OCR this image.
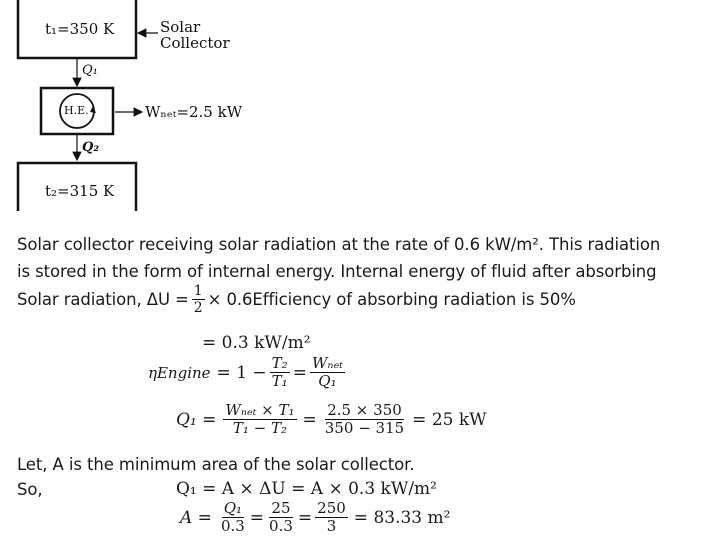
t₁=350 K	Solar
Collector
Q₁
H.E.	Wₙₑₜ=2.5 kW
Q₂
t₂=315 K
Solar collector receiving solar radiation at the rate of 0.6 kW/m². This radiation
is stored in the form of internal energy. Internal energy of fluid after absorbing
Solar radiation, $\Delta U = \frac{1}{2}$ × 0.6Efficiency of absorbing radiation is 50%
= 0.3 kW/m²
ηEngine = $1 - \frac{\text{T₂}}{\text{T₁}} = \frac{\text{Wₙₑₜ}}{\text{Q₁}}$
$Q_1 = \frac{\text{Wₙₑₜ × T₁}}{\text{T₁ − T₂}} = \frac{2.5 \times 350}{350 - 315} = 25$ kW
Let, A is the minimum area of the solar collector.
So,	Q₁ = A × ΔU = A × 0.3 kW/m²
$A = \frac{\text{Q₁}}{0.3} = \frac{25}{0.3} = \frac{250}{3} = 83.33$ m²
